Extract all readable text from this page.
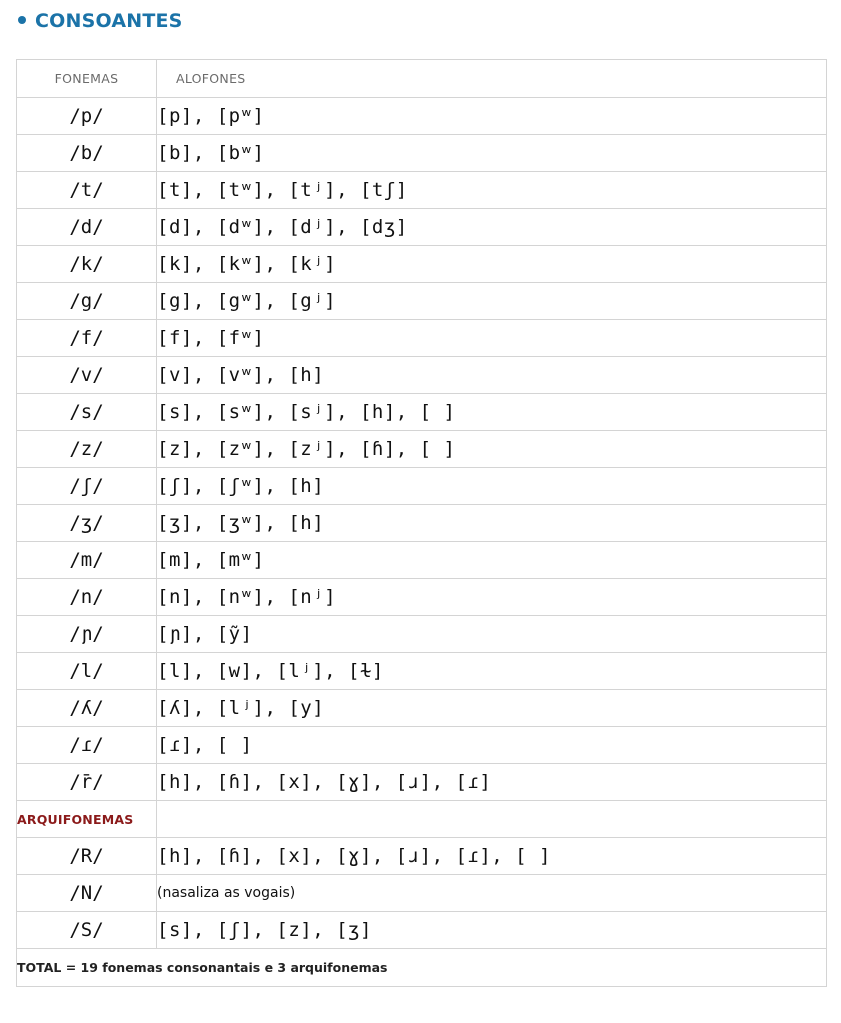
CONSOANTES
FONEMAS	ALOFONES
/p/	[p], [pʷ]
/b/	[b], [bʷ]
/t/	[t], [tʷ], [tʲ], [tʃ]
/d/	[d], [dʷ], [dʲ], [dʒ]
/k/	[k], [kʷ], [kʲ]
/g/	[g], [gʷ], [gʲ]
/f/	[f], [fʷ]
/v/	[v], [vʷ], [h]
/s/	[s], [sʷ], [sʲ], [h], [ ]
/z/	[z], [zʷ], [zʲ], [ɦ], [ ]
/ʃ/	[ʃ], [ʃʷ], [h]
/ʒ/	[ʒ], [ʒʷ], [h]
/m/	[m], [mʷ]
/n/	[n], [nʷ], [nʲ]
/ɲ/	[ɲ], [ỹ]
/l/	[l], [w], [lʲ], [ɫ]
/ʎ/	[ʎ], [lʲ], [y]
/ɾ/	[ɾ], [ ]
/r̄/	[h], [ɦ], [x], [ɣ], [ɹ], [ɾ]
ARQUIFONEMAS	
/R/	[h], [ɦ], [x], [ɣ], [ɹ], [ɾ], [ ]
/N/	(nasaliza as vogais)
/S/	[s], [ʃ], [z], [ʒ]
TOTAL = 19 fonemas consonantais e 3 arquifonemas	
